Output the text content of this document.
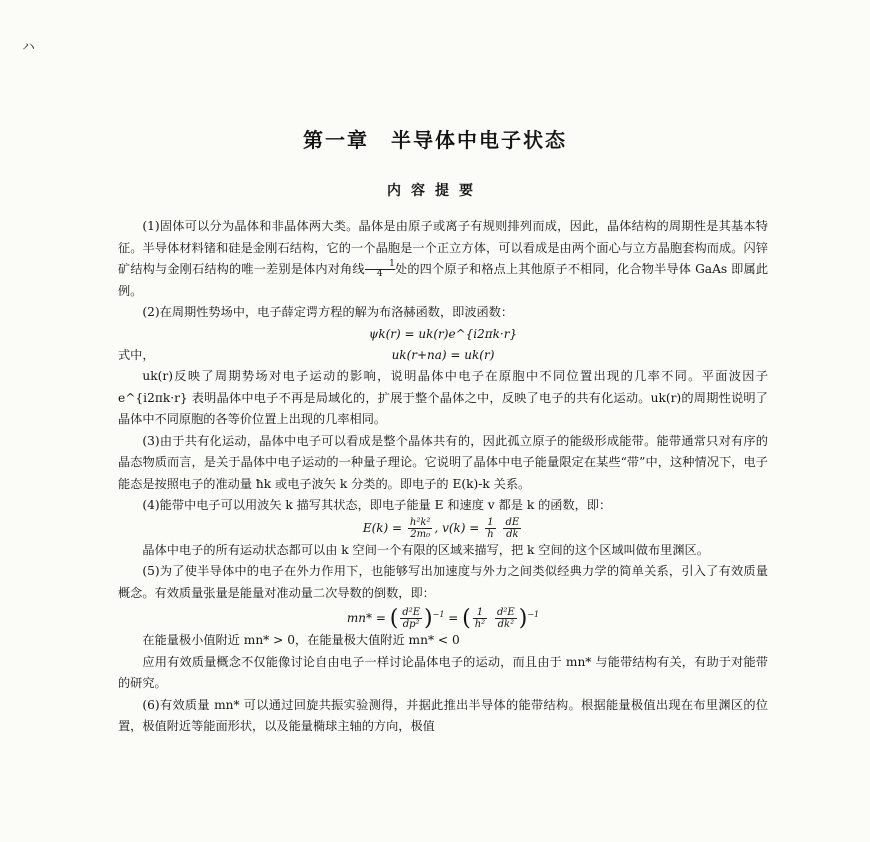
ハ
第一章　半导体中电子状态
内容提要

(1)固体可以分为晶体和非晶体两大类。晶体是由原子或离子有规则排列而成，因此，晶体结构的周期性是其基本特征。半导体材料锗和硅是金刚石结构，它的一个晶胞是一个正立方体，可以看成是由两个面心与立方晶胞套构而成。闪锌矿结构与金刚石结构的唯一差别是体内对角线 $\frac{1}{4}$处的四个原子和格点上其他原子不相同，化合物半导体 GaAs 即属此例。

(2)在周期性势场中，电子薛定谔方程的解为布洛赫函数，即波函数：

ψk(r) = uk(r)e^{i2πk·r}

式中，	uk(r+na) = uk(r)

uk(r)反映了周期势场对电子运动的影响，说明晶体中电子在原胞中不同位置出现的几率不同。平面波因子 e^{i2πk·r} 表明晶体中电子不再是局域化的，扩展于整个晶体之中，反映了电子的共有化运动。uk(r)的周期性说明了晶体中不同原胞的各等价位置上出现的几率相同。

(3)由于共有化运动，晶体中电子可以看成是整个晶体共有的，因此孤立原子的能级形成能带。能带通常只对有序的晶态物质而言，是关于晶体中电子运动的一种量子理论。它说明了晶体中电子能量限定在某些“带”中，这种情况下，电子能态是按照电子的准动量 ħk 或电子波矢 k 分类的。即电子的 E(k)-k 关系。

(4)能带中电子可以用波矢 k 描写其状态，即电子能量 E 和速度 v 都是 k 的函数，即：

$E(k) = \frac{\text{h²k²}}{\text{2m₀}}$ , $v(k) = \frac{1}{h}$
$\frac{dE}{dk}$

晶体中电子的所有运动状态都可以由 k 空间一个有限的区域来描写，把 k 空间的这个区域叫做布里渊区。

(5)为了使半导体中的电子在外力作用下，也能够写出加速度与外力之间类似经典力学的简单关系，引入了有效质量概念。有效质量张量是能量对准动量二次导数的倒数，即：

mn* = ( $\frac{\text{d²E}}{\text{dp²}} )^{-1}$ = ( $\frac{1}{\text{h²}}$
$\frac{\text{d²E}}{\text{dk²}} )^{-1}$

在能量极小值附近 mn* > 0，在能量极大值附近 mn* < 0

应用有效质量概念不仅能像讨论自由电子一样讨论晶体电子的运动，而且由于 mn* 与能带结构有关，有助于对能带的研究。

(6)有效质量 mn* 可以通过回旋共振实验测得，并据此推出半导体的能带结构。根据能量极值出现在布里渊区的位置，极值附近等能面形状，以及能量椭球主轴的方向，极值
